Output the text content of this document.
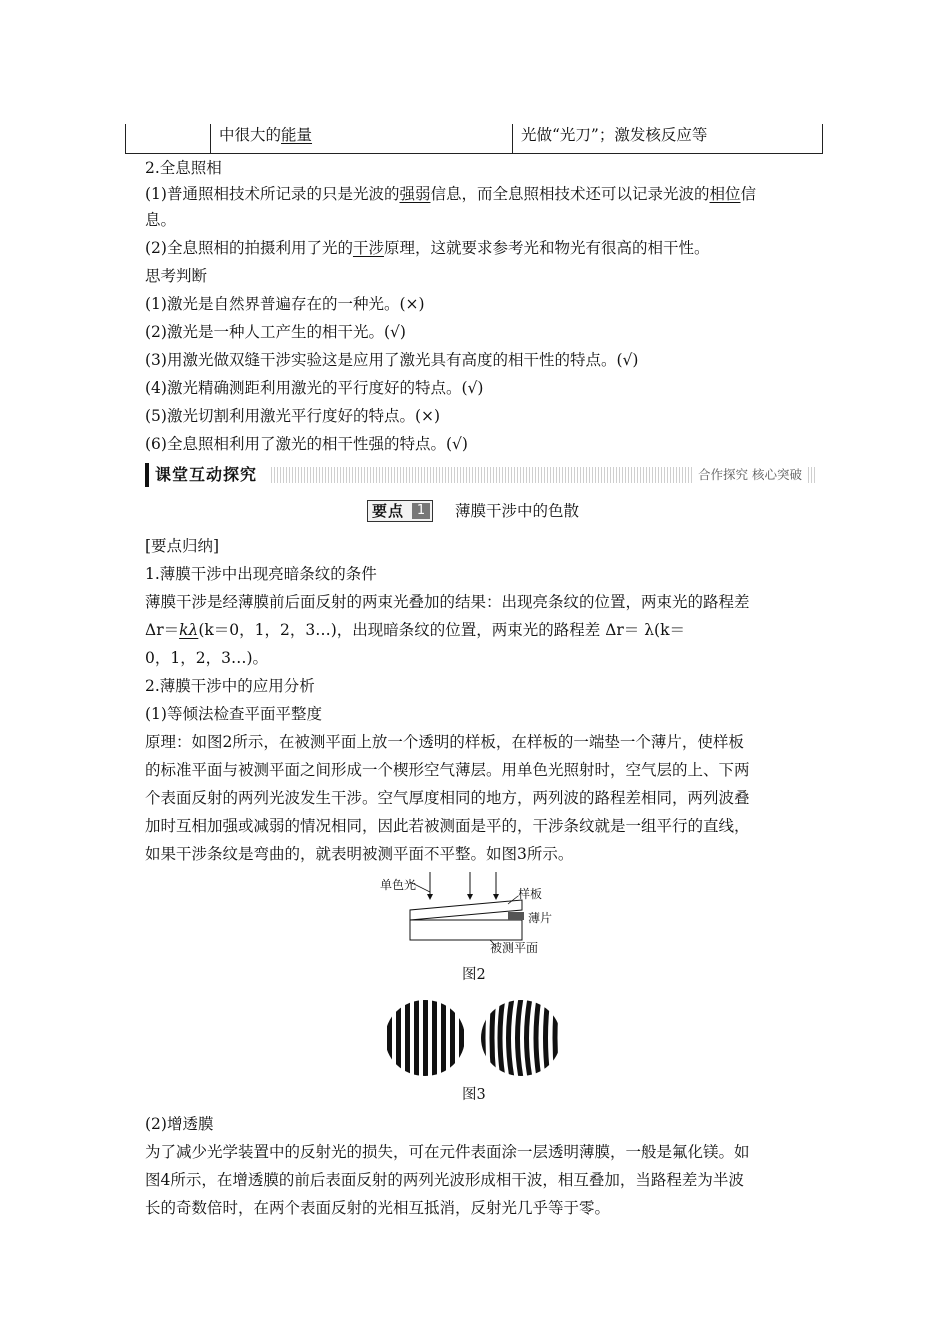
中很大的能量	光做“光刀”；激发核反应等
2.全息照相
(1)普通照相技术所记录的只是光波的强弱信息，而全息照相技术还可以记录光波的相位信
息。
(2)全息照相的拍摄利用了光的干涉原理，这就要求参考光和物光有很高的相干性。
思考判断
(1)激光是自然界普遍存在的一种光。(×)
(2)激光是一种人工产生的相干光。(√)
(3)用激光做双缝干涉实验这是应用了激光具有高度的相干性的特点。(√)
(4)激光精确测距利用激光的平行度好的特点。(√)
(5)激光切割利用激光平行度好的特点。(×)
(6)全息照相利用了激光的相干性强的特点。(√)
课堂互动探究	合作探究 核心突破
要点 1	薄膜干涉中的色散
[要点归纳]
1.薄膜干涉中出现亮暗条纹的条件
薄膜干涉是经薄膜前后面反射的两束光叠加的结果：出现亮条纹的位置，两束光的路程差
Δr＝kλ(k＝0，1，2，3…)，出现暗条纹的位置，两束光的路程差 Δr＝ λ(k＝
0，1，2，3…)。
2.薄膜干涉中的应用分析
(1)等倾法检查平面平整度
原理：如图2所示，在被测平面上放一个透明的样板，在样板的一端垫一个薄片，使样板
的标准平面与被测平面之间形成一个楔形空气薄层。用单色光照射时，空气层的上、下两
个表面反射的两列光波发生干涉。空气厚度相同的地方，两列波的路程差相同，两列波叠
加时互相加强或减弱的情况相同，因此若被测面是平的，干涉条纹就是一组平行的直线，
如果干涉条纹是弯曲的，就表明被测平面不平整。如图3所示。
单色光
样板
薄片
被测平面
图2
图3
(2)增透膜
为了减少光学装置中的反射光的损失，可在元件表面涂一层透明薄膜，一般是氟化镁。如
图4所示，在增透膜的前后表面反射的两列光波形成相干波，相互叠加，当路程差为半波
长的奇数倍时，在两个表面反射的光相互抵消，反射光几乎等于零。
